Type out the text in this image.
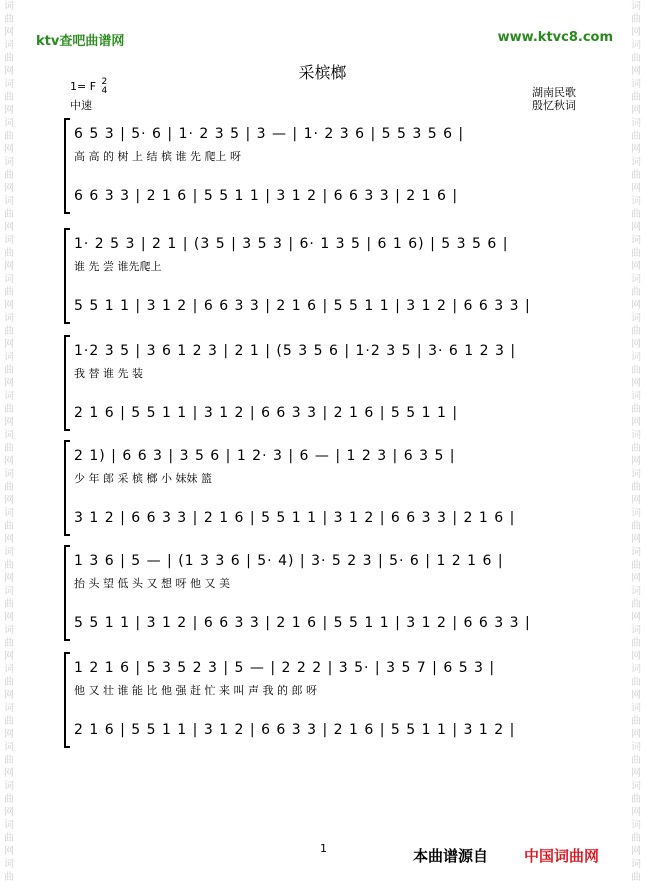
词
曲
网
词
曲
网
词
曲
网
词
曲
网
词
曲
网
词
曲
网
词
曲
网
词
曲
网
词
曲
网
词
曲
网
词
曲
网
词
曲
网
词
曲
网
词
曲
网
词
曲
网
词
曲
网
词
曲
网
词
曲
网
词
曲
网
词
曲
网
词
曲
网
词
曲
网
词
曲
词
曲
网
词
曲
网
词
曲
网
词
曲
网
词
曲
网
词
曲
网
词
曲
网
词
曲
网
词
曲
网
词
曲
网
词
曲
网
词
曲
网
词
曲
网
词
曲
网
词
曲
网
词
曲
网
词
曲
网
词
曲
网
词
曲
网
词
曲
网
词
曲
网
词
曲
网
词
曲
ktv查吧曲谱网	www.ktvc8.com
采槟榔
1= F 2
4
中速
湖南民歌
殷忆秋词
6 5 3 | 5· 6 | 1· 2 3 5 | 3 — | 1· 2 3 6 | 5 5 3 5 6 |
高 高 的 树 上 结 槟 谁 先 爬上 呀
6 6 3 3 | 2 1 6 | 5 5 1 1 | 3 1 2 | 6 6 3 3 | 2 1 6 |
1· 2 5 3 | 2 1 | (3 5 | 3 5 3 | 6· 1 3 5 | 6 1 6) | 5 3 5 6 |
谁 先 尝 谁先爬上
5 5 1 1 | 3 1 2 | 6 6 3 3 | 2 1 6 | 5 5 1 1 | 3 1 2 | 6 6 3 3 |
1·2 3 5 | 3 6 1 2 3 | 2 1 | (5 3 5 6 | 1·2 3 5 | 3· 6 1 2 3 |
我 替 谁 先 装
2 1 6 | 5 5 1 1 | 3 1 2 | 6 6 3 3 | 2 1 6 | 5 5 1 1 |
2 1) | 6 6 3 | 3 5 6 | 1 2· 3 | 6 — | 1 2 3 | 6 3 5 |
少 年 郎 采 槟 榔 小 妹妹 篮
3 1 2 | 6 6 3 3 | 2 1 6 | 5 5 1 1 | 3 1 2 | 6 6 3 3 | 2 1 6 |
1 3 6 | 5 — | (1 3 3 6 | 5· 4) | 3· 5 2 3 | 5· 6 | 1 2 1 6 |
抬 头 望 低 头 又 想 呀 他 又 美
5 5 1 1 | 3 1 2 | 6 6 3 3 | 2 1 6 | 5 5 1 1 | 3 1 2 | 6 6 3 3 |
1 2 1 6 | 5 3 5 2 3 | 5 — | 2 2 2 | 3 5· | 3 5 7 | 6 5 3 |
他 又 壮 谁 能 比 他 强 赶 忙 来 叫 声 我 的 郎 呀
2 1 6 | 5 5 1 1 | 3 1 2 | 6 6 3 3 | 2 1 6 | 5 5 1 1 | 3 1 2 |
1	本曲谱源自 中国词曲网
